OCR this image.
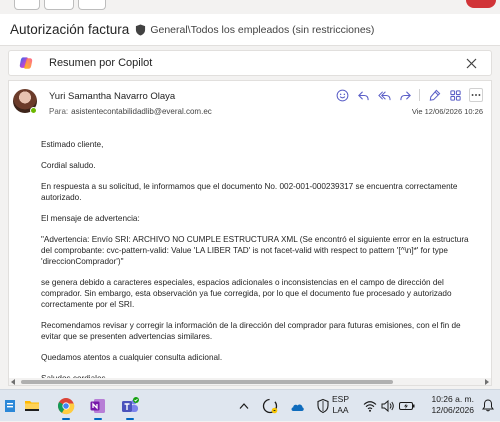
Autorización factura General\Todos los empleados (sin restricciones)
Resumen por Copilot
Yuri Samantha Navarro Olaya
Para: asistentecontabilidadlib@everal.com.ec	Vie 12/06/2026 10:26

Estimado cliente,

Cordial saludo.

En respuesta a su solicitud, le informamos que el documento No. 002-001-000239317 se encuentra correctamente autorizado.

El mensaje de advertencia:

"Advertencia: Envío SRI: ARCHIVO NO CUMPLE ESTRUCTURA XML (Se encontró el siguiente error en la estructura del comprobante: cvc-pattern-valid: Value 'LA LIBER TAD' is not facet-valid with respect to pattern '[^\n]*' for type 'direccionComprador')"

se genera debido a caracteres especiales, espacios adicionales o inconsistencias en el campo de dirección del comprador. Sin embargo, esta observación ya fue corregida, por lo que el documento fue procesado y autorizado correctamente por el SRI.

Recomendamos revisar y corregir la información de la dirección del comprador para futuras emisiones, con el fin de evitar que se presenten advertencias similares.

Quedamos atentos a cualquier consulta adicional.

ESP
LAA
10:26 a. m.
12/06/2026
